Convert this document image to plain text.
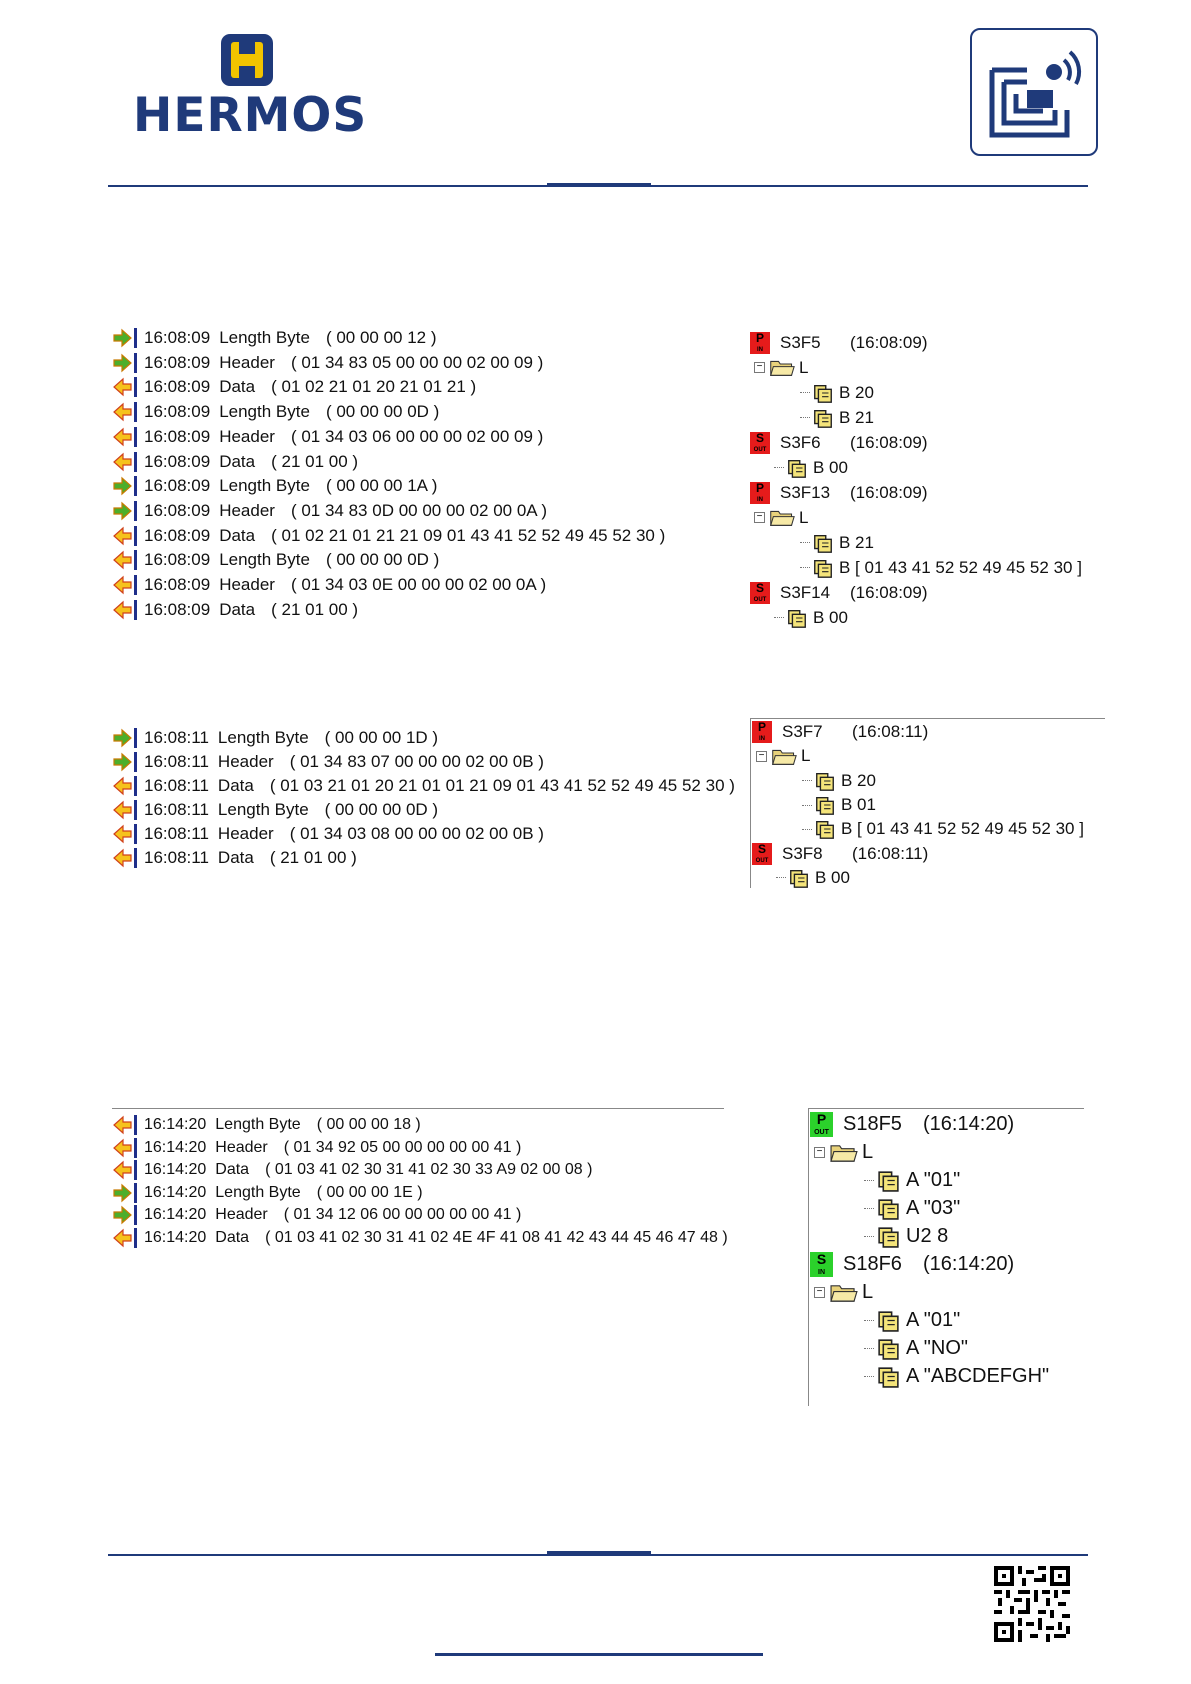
HERMOS
16:08:09 Length Byte ( 00 00 00 12 )
16:08:09 Header ( 01 34 83 05 00 00 00 02 00 09 )
16:08:09 Data ( 01 02 21 01 20 21 01 21 )
16:08:09 Length Byte ( 00 00 00 0D )
16:08:09 Header ( 01 34 03 06 00 00 00 02 00 09 )
16:08:09 Data ( 21 01 00 )
16:08:09 Length Byte ( 00 00 00 1A )
16:08:09 Header ( 01 34 83 0D 00 00 00 02 00 0A )
16:08:09 Data ( 01 02 21 01 21 21 09 01 43 41 52 52 49 45 52 30 )
16:08:09 Length Byte ( 00 00 00 0D )
16:08:09 Header ( 01 34 03 0E 00 00 00 02 00 0A )
16:08:09 Data ( 21 01 00 )
P
IN	S3F5	(16:08:09)
− L
B 20
B 21
S
OUT S3F6	(16:08:09)
B 00
P
IN	S3F13	(16:08:09)
− L
B 21
B [ 01 43 41 52 52 49 45 52 30 ]
S
OUT S3F14	(16:08:09)
B 00
16:08:11 Length Byte ( 00 00 00 1D )
16:08:11 Header ( 01 34 83 07 00 00 00 02 00 0B )
16:08:11 Data ( 01 03 21 01 20 21 01 01 21 09 01 43 41 52 52 49 45 52 30 )
16:08:11 Length Byte ( 00 00 00 0D )
16:08:11 Header ( 01 34 03 08 00 00 00 02 00 0B )
16:08:11 Data ( 21 01 00 )
P
IN	S3F7	(16:08:11)
− L
B 20
B 01
B [ 01 43 41 52 52 49 45 52 30 ]
S
OUT S3F8	(16:08:11)
B 00
16:14:20 Length Byte ( 00 00 00 18 )
16:14:20 Header ( 01 34 92 05 00 00 00 00 00 41 )
16:14:20 Data ( 01 03 41 02 30 31 41 02 30 33 A9 02 00 08 )
16:14:20 Length Byte ( 00 00 00 1E )
16:14:20 Header ( 01 34 12 06 00 00 00 00 00 41 )
16:14:20 Data ( 01 03 41 02 30 31 41 02 4E 4F 41 08 41 42 43 44 45 46 47 48 )
P
OUT S18F5	(16:14:20)
− L
A "01"
A "03"
U2 8
S
IN S18F6	(16:14:20)
− L
A "01"
A "NO"
A "ABCDEFGH"
